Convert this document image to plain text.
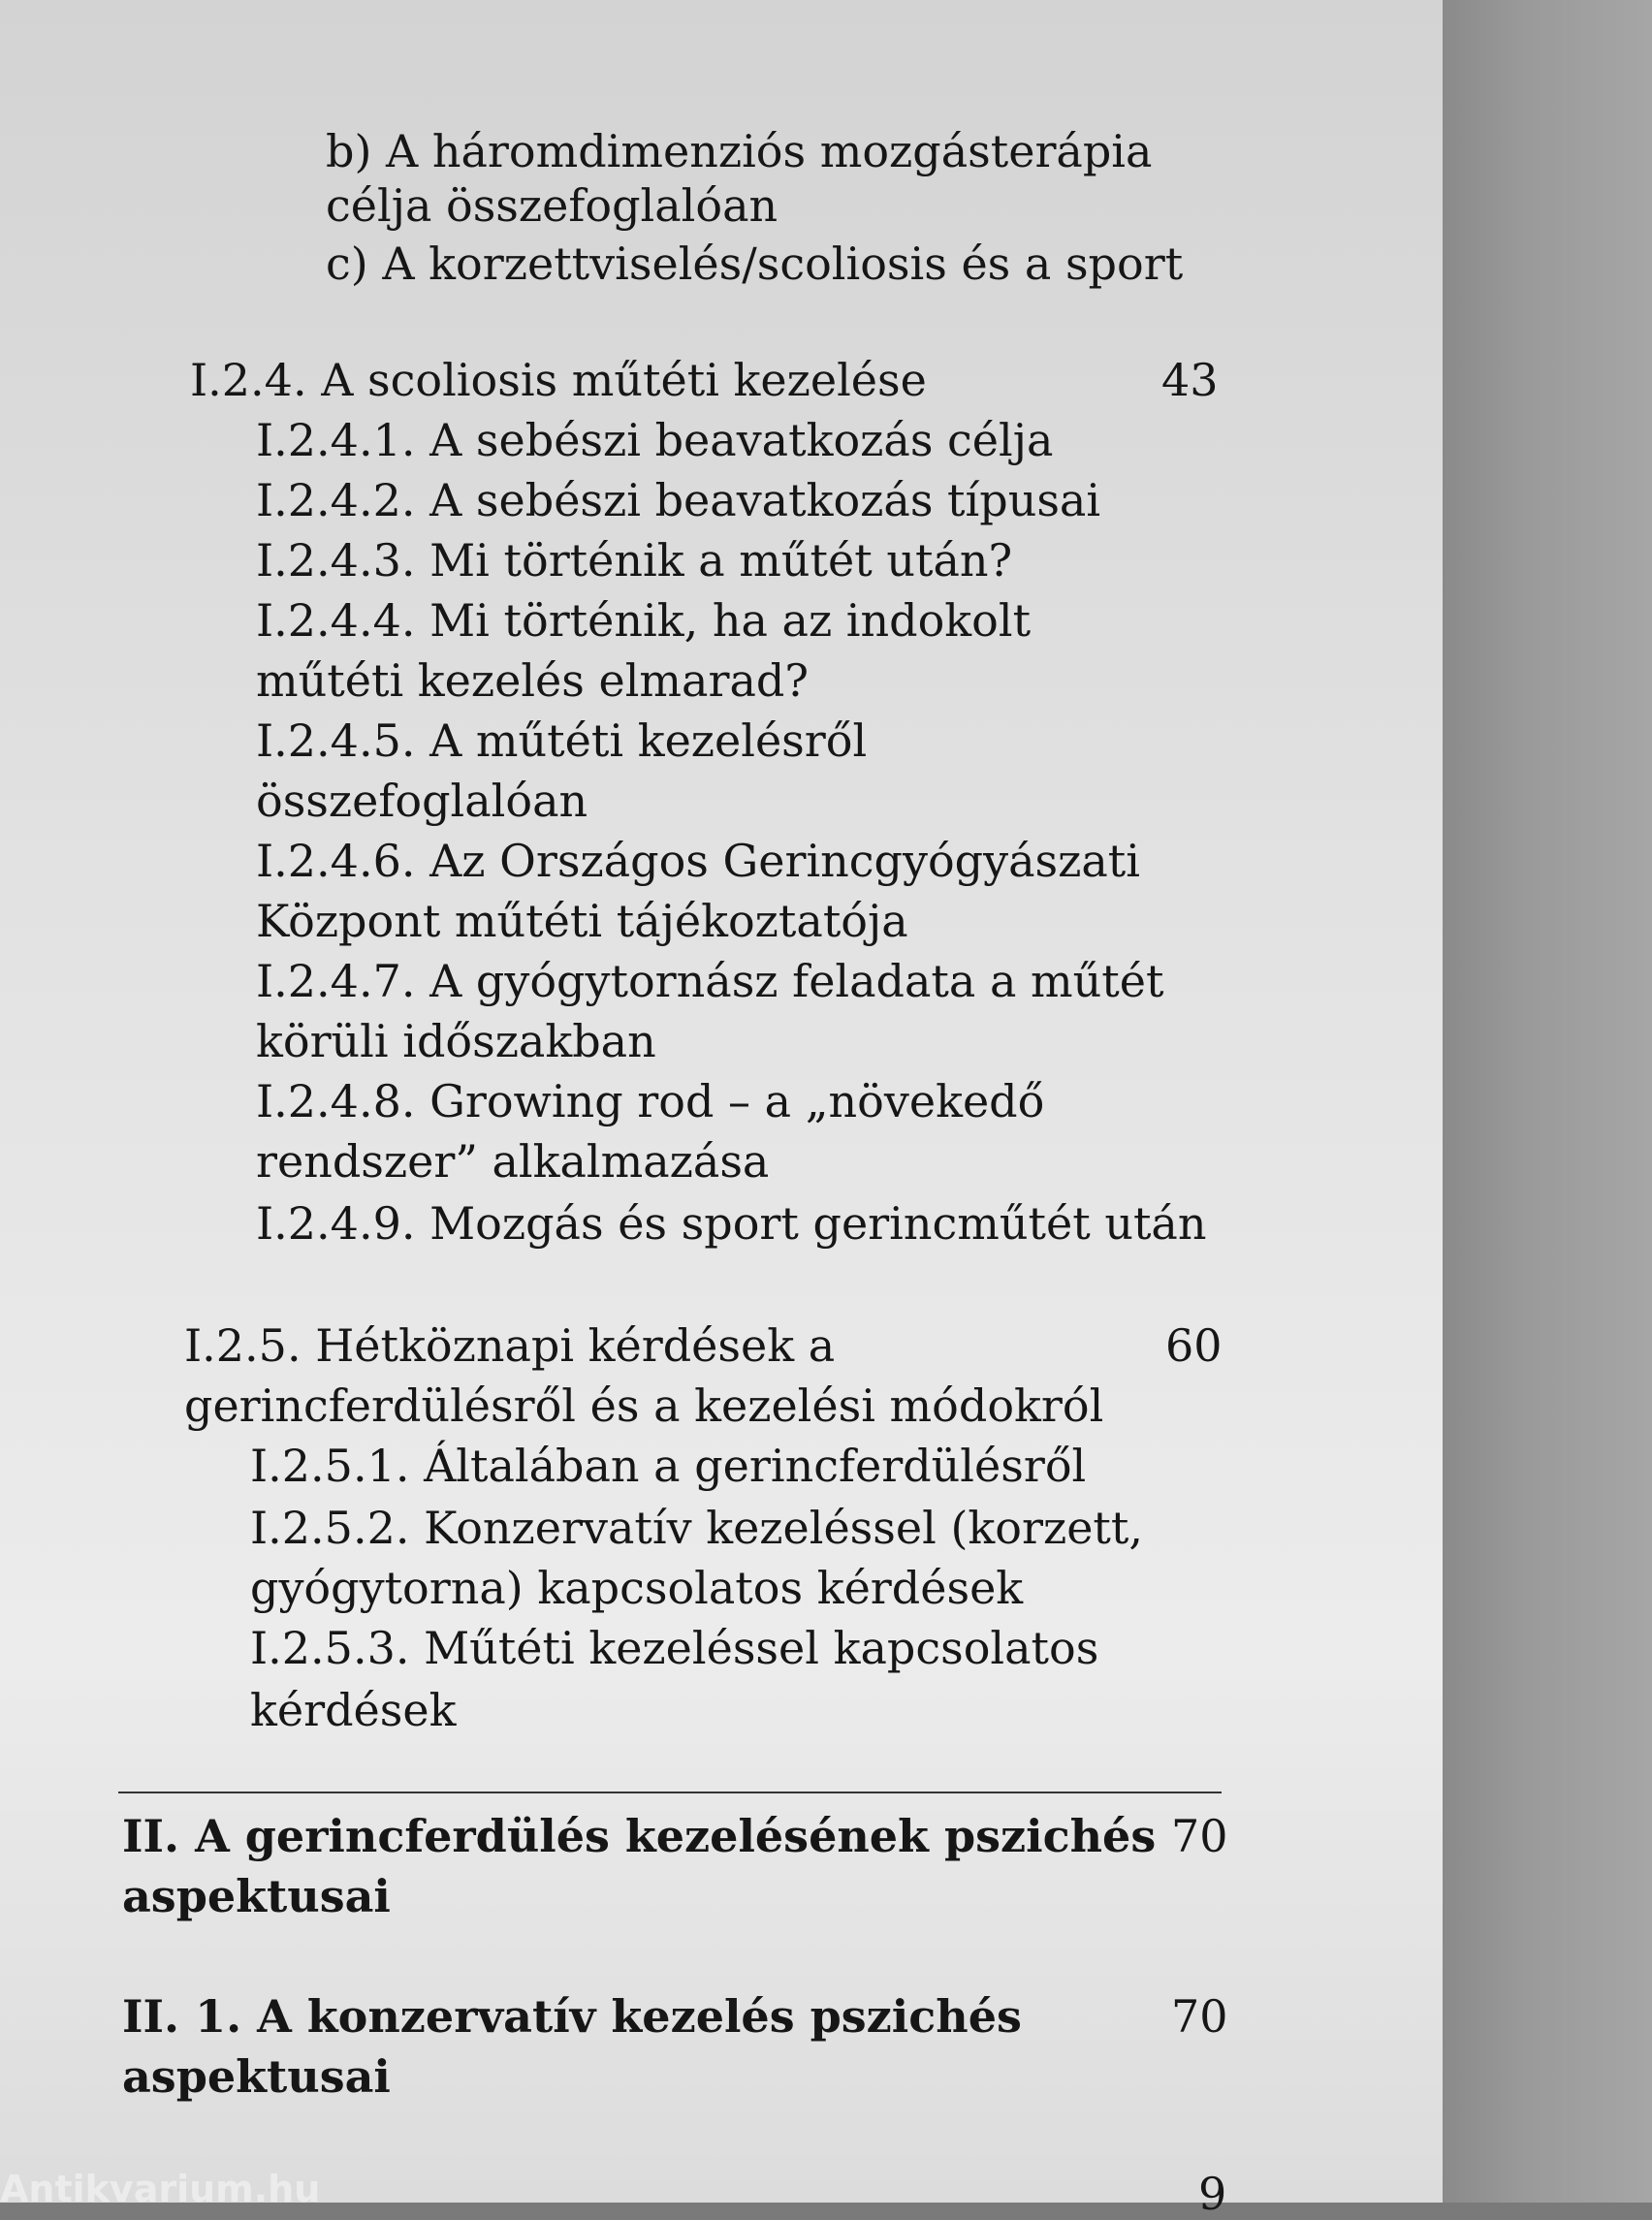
b) A háromdimenziós mozgásterápia
célja összefoglalóan
c) A korzettviselés/scoliosis és a sport
I.2.4. A scoliosis műtéti kezelése	43
I.2.4.1. A sebészi beavatkozás célja
I.2.4.2. A sebészi beavatkozás típusai
I.2.4.3. Mi történik a műtét után?
I.2.4.4. Mi történik, ha az indokolt
műtéti kezelés elmarad?
I.2.4.5. A műtéti kezelésről
összefoglalóan
I.2.4.6. Az Országos Gerincgyógyászati
Központ műtéti tájékoztatója
I.2.4.7. A gyógytornász feladata a műtét
körüli időszakban
I.2.4.8. Growing rod – a „növekedő
rendszer” alkalmazása
I.2.4.9. Mozgás és sport gerincműtét után
I.2.5. Hétköznapi kérdések a	60
gerincferdülésről és a kezelési módokról
I.2.5.1. Általában a gerincferdülésről
I.2.5.2. Konzervatív kezeléssel (korzett,
gyógytorna) kapcsolatos kérdések
I.2.5.3. Műtéti kezeléssel kapcsolatos
kérdések
II. A gerincferdülés kezelésének pszichés 70
aspektusai
II. 1. A konzervatív kezelés pszichés	70
aspektusai
Antikvarium.hu	9
